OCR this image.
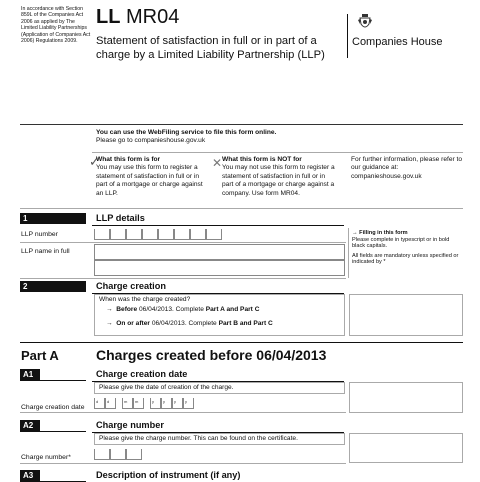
In accordance with Section 859L of the Companies Act 2006 as applied by The Limited Liability Partnerships (Application of Companies Act 2006) Regulations 2009.
LL MR04
Statement of satisfaction in full or in part of a charge by a Limited Liability Partnership (LLP)
Companies House
You can use the WebFiling service to file this form online.
Please go to companieshouse.gov.uk
✓
What this form is for
You may use this form to register a statement of satisfaction in full or in part of a mortgage or charge against an LLP.
✕ What this form is NOT for
You may not use this form to register a statement of satisfaction in full or in part of a mortgage or charge against a company. Use form MR04.
For further information, please refer to our guidance at: companieshouse.gov.uk
1	LLP details
LLP number
LLP name in full
→ Filling in this form
Please complete in typescript or in bold black capitals.
All fields are mandatory unless specified or indicated by *
2	Charge creation
When was the charge created?
→ Before 06/04/2013. Complete Part A and Part C
→ On or after 06/04/2013. Complete Part B and Part C
Part A	Charges created before 06/04/2013
A1	Charge creation date
Please give the date of creation of the charge.
Charge creation date
d d	m m	y y y y
A2	Charge number
Please give the charge number. This can be found on the certificate.
Charge number*
A3	Description of instrument (if any)
